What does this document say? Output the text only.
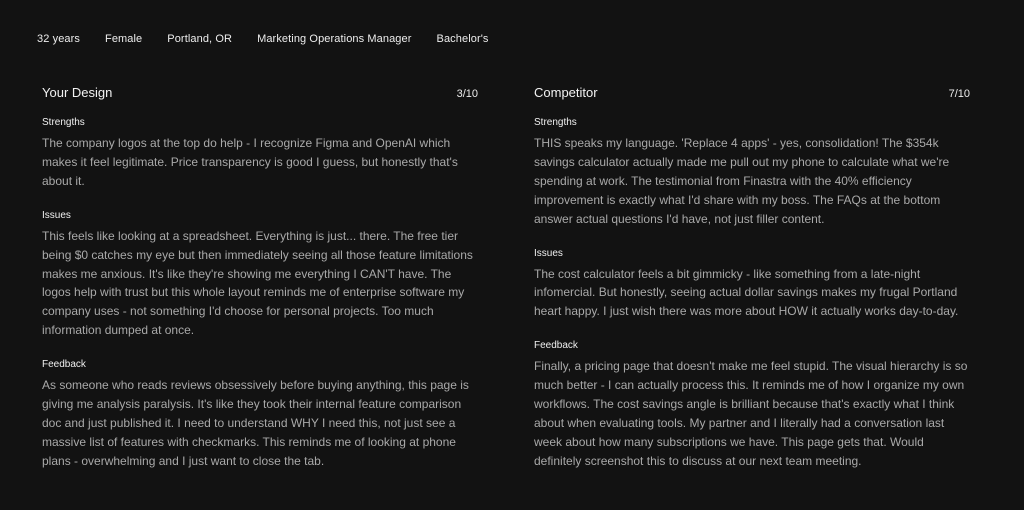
32 years Female Portland, OR Marketing Operations Manager Bachelor's
Your Design	3/10
Strengths

The company logos at the top do help - I recognize Figma and OpenAI which makes it feel legitimate. Price transparency is good I guess, but honestly that's about it.

Issues

This feels like looking at a spreadsheet. Everything is just... there. The free tier being $0 catches my eye but then immediately seeing all those feature limitations makes me anxious. It's like they're showing me everything I CAN'T have. The logos help with trust but this whole layout reminds me of enterprise software my company uses - not something I'd choose for personal projects. Too much information dumped at once.

Feedback

As someone who reads reviews obsessively before buying anything, this page is giving me analysis paralysis. It's like they took their internal feature comparison doc and just published it. I need to understand WHY I need this, not just see a massive list of features with checkmarks. This reminds me of looking at phone plans - overwhelming and I just want to close the tab.

Competitor	7/10
Strengths

THIS speaks my language. 'Replace 4 apps' - yes, consolidation! The $354k savings calculator actually made me pull out my phone to calculate what we're spending at work. The testimonial from Finastra with the 40% efficiency improvement is exactly what I'd share with my boss. The FAQs at the bottom answer actual questions I'd have, not just filler content.

Issues

The cost calculator feels a bit gimmicky - like something from a late-night infomercial. But honestly, seeing actual dollar savings makes my frugal Portland heart happy. I just wish there was more about HOW it actually works day-to-day.

Feedback

Finally, a pricing page that doesn't make me feel stupid. The visual hierarchy is so much better - I can actually process this. It reminds me of how I organize my own workflows. The cost savings angle is brilliant because that's exactly what I think about when evaluating tools. My partner and I literally had a conversation last week about how many subscriptions we have. This page gets that. Would definitely screenshot this to discuss at our next team meeting.
